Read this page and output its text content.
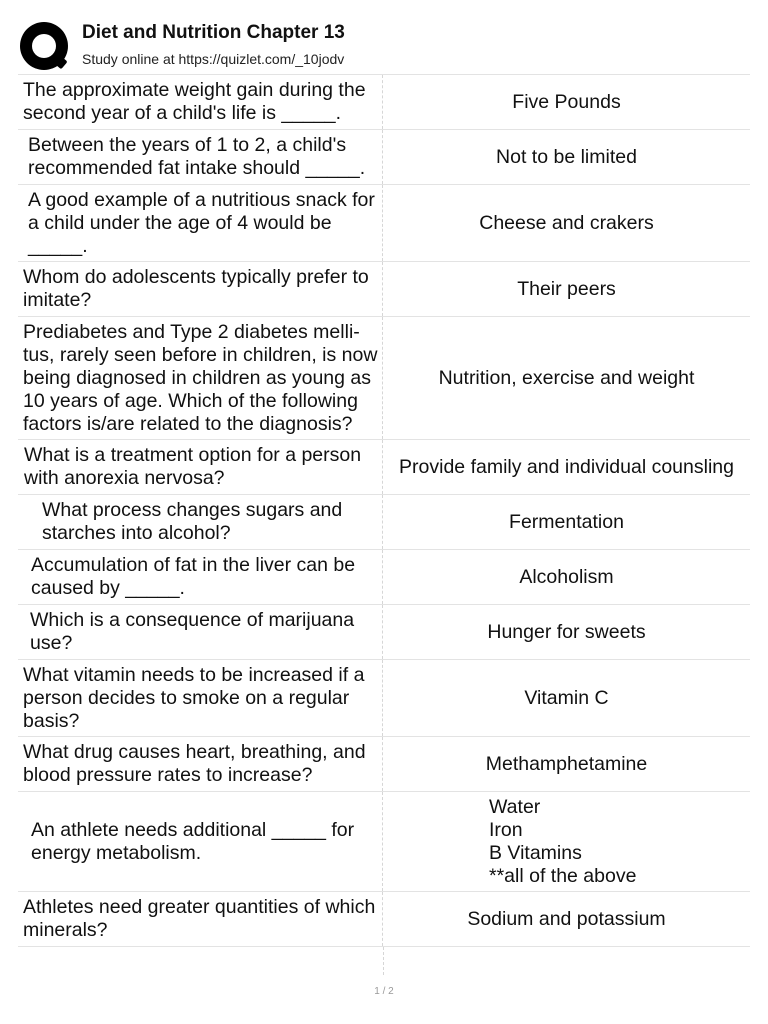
Diet and Nutrition Chapter 13
Study online at https://quizlet.com/_10jodv
The approximate weight gain during the second year of a child's life is _____.
Five Pounds
Between the years of 1 to 2, a child's recommended fat intake should _____.
Not to be limited
A good example of a nutritious snack for a child under the age of 4 would be _____.
Cheese and crakers
Whom do adolescents typically prefer to imitate?
Their peers
Prediabetes and Type 2 diabetes melli-tus, rarely seen before in children, is now being diagnosed in children as young as 10 years of age. Which of the following factors is/are related to the diagnosis?
Nutrition, exercise and weight
What is a treatment option for a person with anorexia nervosa?
Provide family and individual counsling
What process changes sugars and starches into alcohol?
Fermentation
Accumulation of fat in the liver can be caused by _____.
Alcoholism
Which is a consequence of marijuana use?
Hunger for sweets
What vitamin needs to be increased if a person decides to smoke on a regular basis?
Vitamin C
What drug causes heart, breathing, and blood pressure rates to increase?
Methamphetamine
An athlete needs additional _____ for energy metabolism.
Water
Iron
B Vitamins
**all of the above
Athletes need greater quantities of which minerals?
Sodium and potassium
1 / 2
